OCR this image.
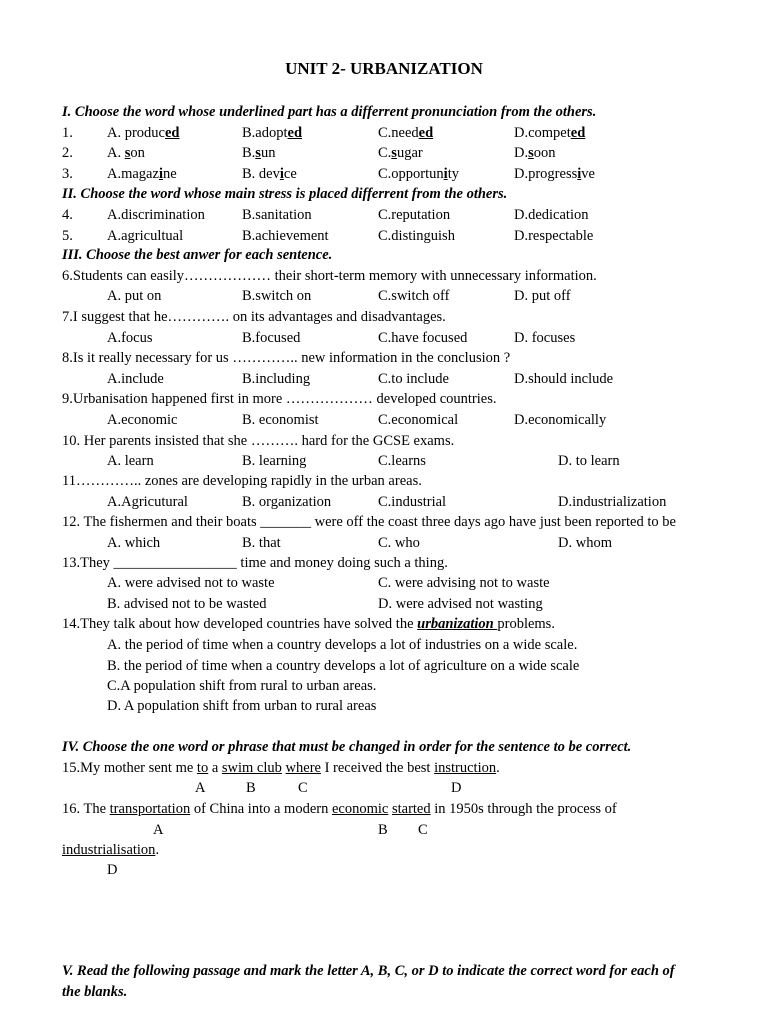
UNIT 2- URBANIZATION
I. Choose the word whose underlined part has a differrent pronunciation from the others.
1. A. produced	B.adopted	C.needed	D.competed
2. A. son	B.sun	C.sugar	D.soon
3. A.magazine	B. device	C.opportunity	D.progressive
II. Choose the word whose main stress is placed differrent from the others.
4. A.discrimination	B.sanitation	C.reputation	D.dedication
5. A.agricultual	B.achievement	C.distinguish	D.respectable
III. Choose the best anwer for each sentence.
6.Students can easily……………… their short-term memory with unnecessary information.
A. put on	B.switch on	C.switch off	D. put off
7.I suggest that he…………. on its advantages and disadvantages.
A.focus	B.focused	C.have focused	D. focuses
8.Is it really necessary for us ………….. new information in the conclusion ?
A.include	B.including	C.to include	D.should include
9.Urbanisation happened first in more ……………… developed countries.
A.economic	B. economist	C.economical	D.economically
10. Her parents insisted that she ………. hard for the GCSE exams.
A. learn	B. learning	C.learns	D. to learn
11………….. zones are developing rapidly in the urban areas.
A.Agricutural	B. organization	C.industrial	D.industrialization
12. The fishermen and their boats _______ were off the coast three days ago have just been reported to be
A. which	B. that	C. who	D. whom
13.They _________________ time and money doing such a thing.
A. were advised not to waste	C. were advising not to waste
B. advised not to be wasted	D. were advised not wasting
14.They talk about how developed countries have solved the urbanization problems.
A. the period of time when a country develops a lot of industries on a wide scale.
B. the period of time when a country develops a lot of agriculture on a wide scale
C.A population shift from rural to urban areas.
D. A population shift from urban to rural areas
IV. Choose the one word or phrase that must be changed in order for the sentence to be correct.
15.My mother sent me to a swim club where I received the best instruction.
A	B	C	D
16. The transportation of China into a modern economic started in 1950s through the process of
A	B C
industrialisation.
D
V. Read the following passage and mark the letter A, B, C, or D to indicate the correct word for each of
the blanks.
